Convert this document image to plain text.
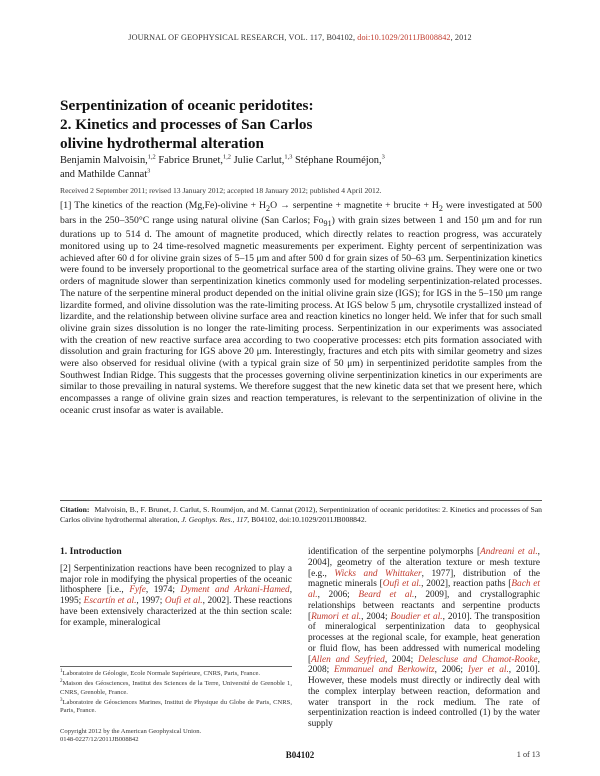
JOURNAL OF GEOPHYSICAL RESEARCH, VOL. 117, B04102, doi:10.1029/2011JB008842, 2012
Serpentinization of oceanic peridotites:
2. Kinetics and processes of San Carlos
olivine hydrothermal alteration
Benjamin Malvoisin,$^{1,2}$ Fabrice Brunet,$^{1,2}$ Julie Carlut,$^{1,3}$ Stéphane Rouméjon,$^3$
and Mathilde Cannat$^3$
Received 2 September 2011; revised 13 January 2012; accepted 18 January 2012; published 4 April 2012.
[1] The kinetics of the reaction (Mg,Fe)-olivine + $H_2O$ → serpentine + magnetite + brucite + $H_2$ were investigated at 500 bars in the 250–350°C range using natural olivine (San Carlos; $Fo_{91}$) with grain sizes between 1 and 150 μm and for run durations up to 514 d. The amount of magnetite produced, which directly relates to reaction progress, was accurately monitored using up to 24 time-resolved magnetic measurements per experiment. Eighty percent of serpentinization was achieved after 60 d for olivine grain sizes of 5–15 μm and after 500 d for grain sizes of 50–63 μm. Serpentinization kinetics were found to be inversely proportional to the geometrical surface area of the starting olivine grains. They were one or two orders of magnitude slower than serpentinization kinetics commonly used for modeling serpentinization-related processes. The nature of the serpentine mineral product depended on the initial olivine grain size (IGS); for IGS in the 5–150 μm range lizardite formed, and olivine dissolution was the rate-limiting process. At IGS below 5 μm, chrysotile crystallized instead of lizardite, and the relationship between olivine surface area and reaction kinetics no longer held. We infer that for such small olivine grain sizes dissolution is no longer the rate-limiting process. Serpentinization in our experiments was associated with the creation of new reactive surface area according to two cooperative processes: etch pits formation associated with dissolution and grain fracturing for IGS above 20 μm. Interestingly, fractures and etch pits with similar geometry and sizes were also observed for residual olivine (with a typical grain size of 50 μm) in serpentinized peridotite samples from the Southwest Indian Ridge. This suggests that the processes governing olivine serpentinization kinetics in our experiments are similar to those prevailing in natural systems. We therefore suggest that the new kinetic data set that we present here, which encompasses a range of olivine grain sizes and reaction temperatures, is relevant to the serpentinization of olivine in the oceanic crust insofar as water is available.
Citation: Malvoisin, B., F. Brunet, J. Carlut, S. Rouméjon, and M. Cannat (2012), Serpentinization of oceanic peridotites: 2. Kinetics and processes of San Carlos olivine hydrothermal alteration, J. Geophys. Res., 117, B04102, doi:10.1029/2011JB008842.
1. Introduction
[2] Serpentinization reactions have been recognized to play a major role in modifying the physical properties of the oceanic lithosphere [i.e., Fyfe, 1974; Dyment and Arkani-Hamed, 1995; Escartín et al., 1997; Oufi et al., 2002]. These reactions have been extensively characterized at the thin section scale: for example, mineralogical
$^1$Laboratoire de Géologie, Ecole Normale Supérieure, CNRS, Paris, France.
$^2$Maison des Géosciences, Institut des Sciences de la Terre, Université de Grenoble 1, CNRS, Grenoble, France.
$^3$Laboratoire de Géosciences Marines, Institut de Physique du Globe de Paris, CNRS, Paris, France.
Copyright 2012 by the American Geophysical Union.
0148-0227/12/2011JB008842
identification of the serpentine polymorphs [Andreani et al., 2004], geometry of the alteration texture or mesh texture [e.g., Wicks and Whittaker, 1977], distribution of the magnetic minerals [Oufi et al., 2002], reaction paths [Bach et al., 2006; Beard et al., 2009], and crystallographic relationships between reactants and serpentine products [Rumori et al., 2004; Boudier et al., 2010]. The transposition of mineralogical serpentinization data to geophysical processes at the regional scale, for example, heat generation or fluid flow, has been addressed with numerical modeling [Allen and Seyfried, 2004; Delescluse and Chamot-Rooke, 2008; Emmanuel and Berkowitz, 2006; Iyer et al., 2010]. However, these models must directly or indirectly deal with the complex interplay between reaction, deformation and water transport in the rock medium. The rate of serpentinization reaction is indeed controlled (1) by the water supply
B04102	1 of 13
